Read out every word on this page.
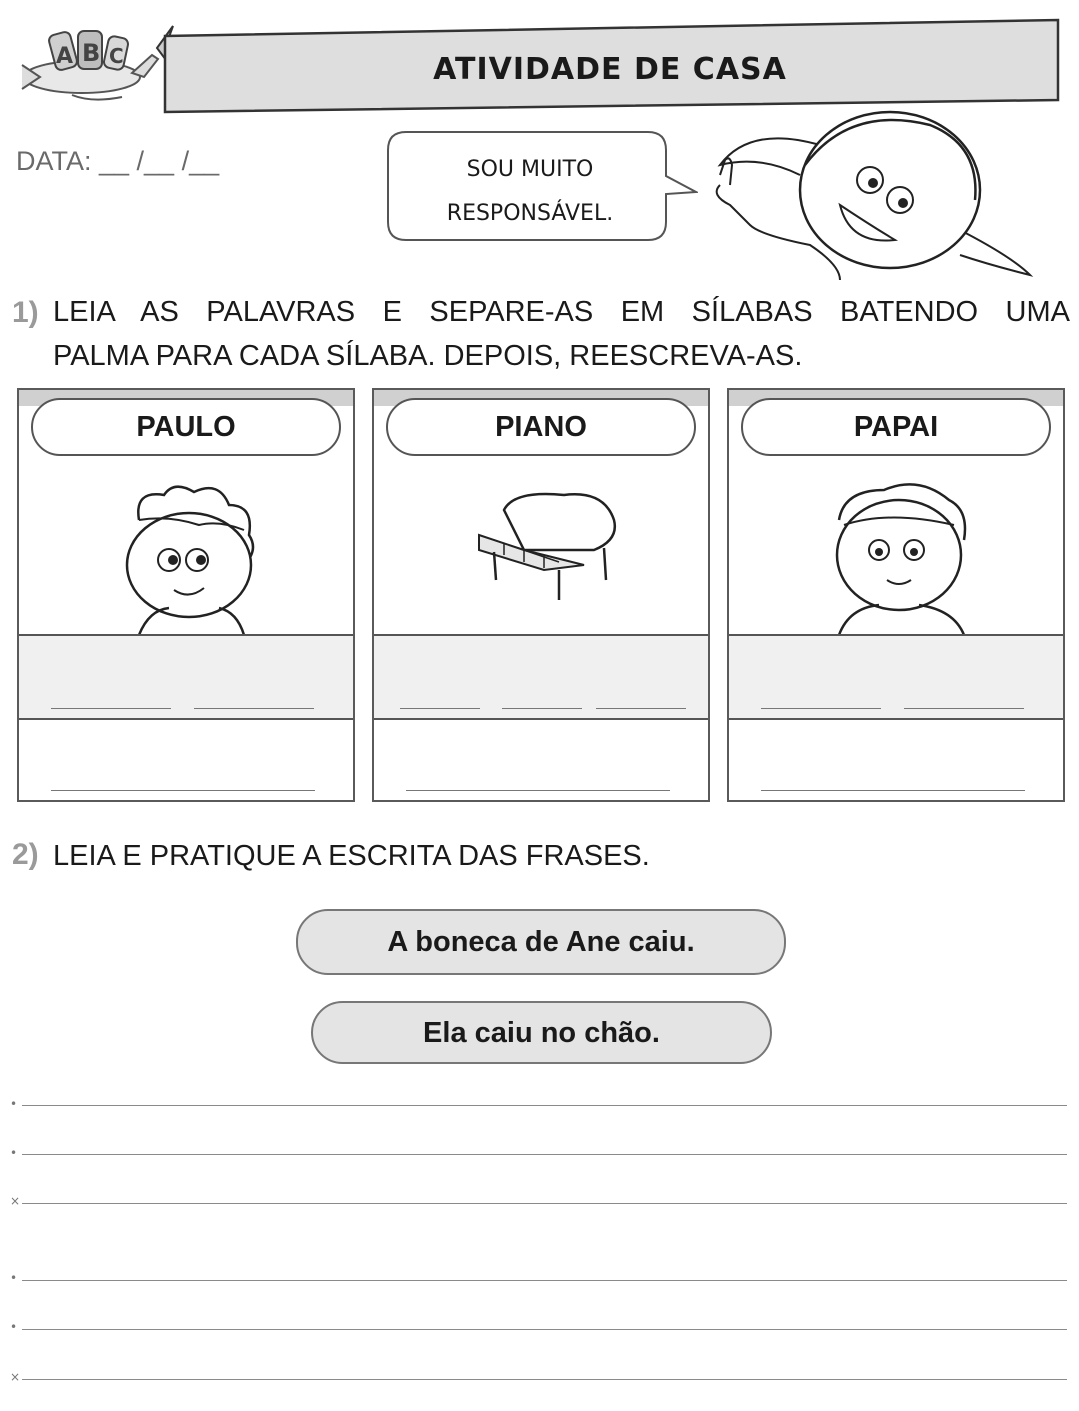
A B C	ATIVIDADE DE CASA
DATA: __ /__ /__	SOU MUITO
RESPONSÁVEL.
1) LEIA AS PALAVRAS E SEPARE-AS EM SÍLABAS BATENDO UMA
PALMA PARA CADA SÍLABA. DEPOIS, REESCREVA-AS.
PAULO	PIANO	PAPAI
2) LEIA E PRATIQUE A ESCRITA DAS FRASES.
A boneca de Ane caiu.
Ela caiu no chão.
•
•
×
•
•
×
